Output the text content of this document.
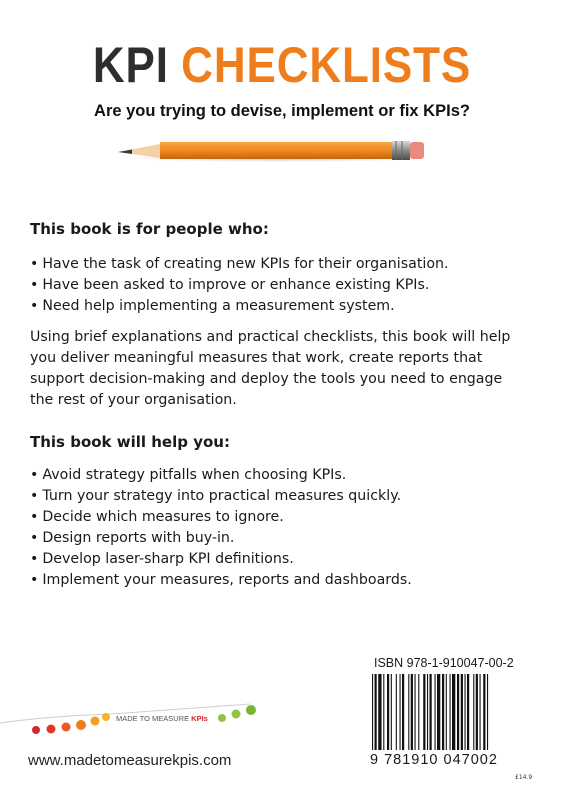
KPI CHECKLISTS
Are you trying to devise, implement or fix KPIs?
This book is for people who:
• Have the task of creating new KPIs for their organisation.
• Have been asked to improve or enhance existing KPIs.
• Need help implementing a measurement system.
Using brief explanations and practical checklists, this book will help
you deliver meaningful measures that work, create reports that
support decision-making and deploy the tools you need to engage
the rest of your organisation.
This book will help you:
• Avoid strategy pitfalls when choosing KPIs.
• Turn your strategy into practical measures quickly.
• Decide which measures to ignore.
• Design reports with buy-in.
• Develop laser-sharp KPI definitions.
• Implement your measures, reports and dashboards.
MADE TO MEASURE KPIs
www.madetomeasurekpis.com
ISBN 978-1-910047-00-2
9 781910 047002
£14.9
